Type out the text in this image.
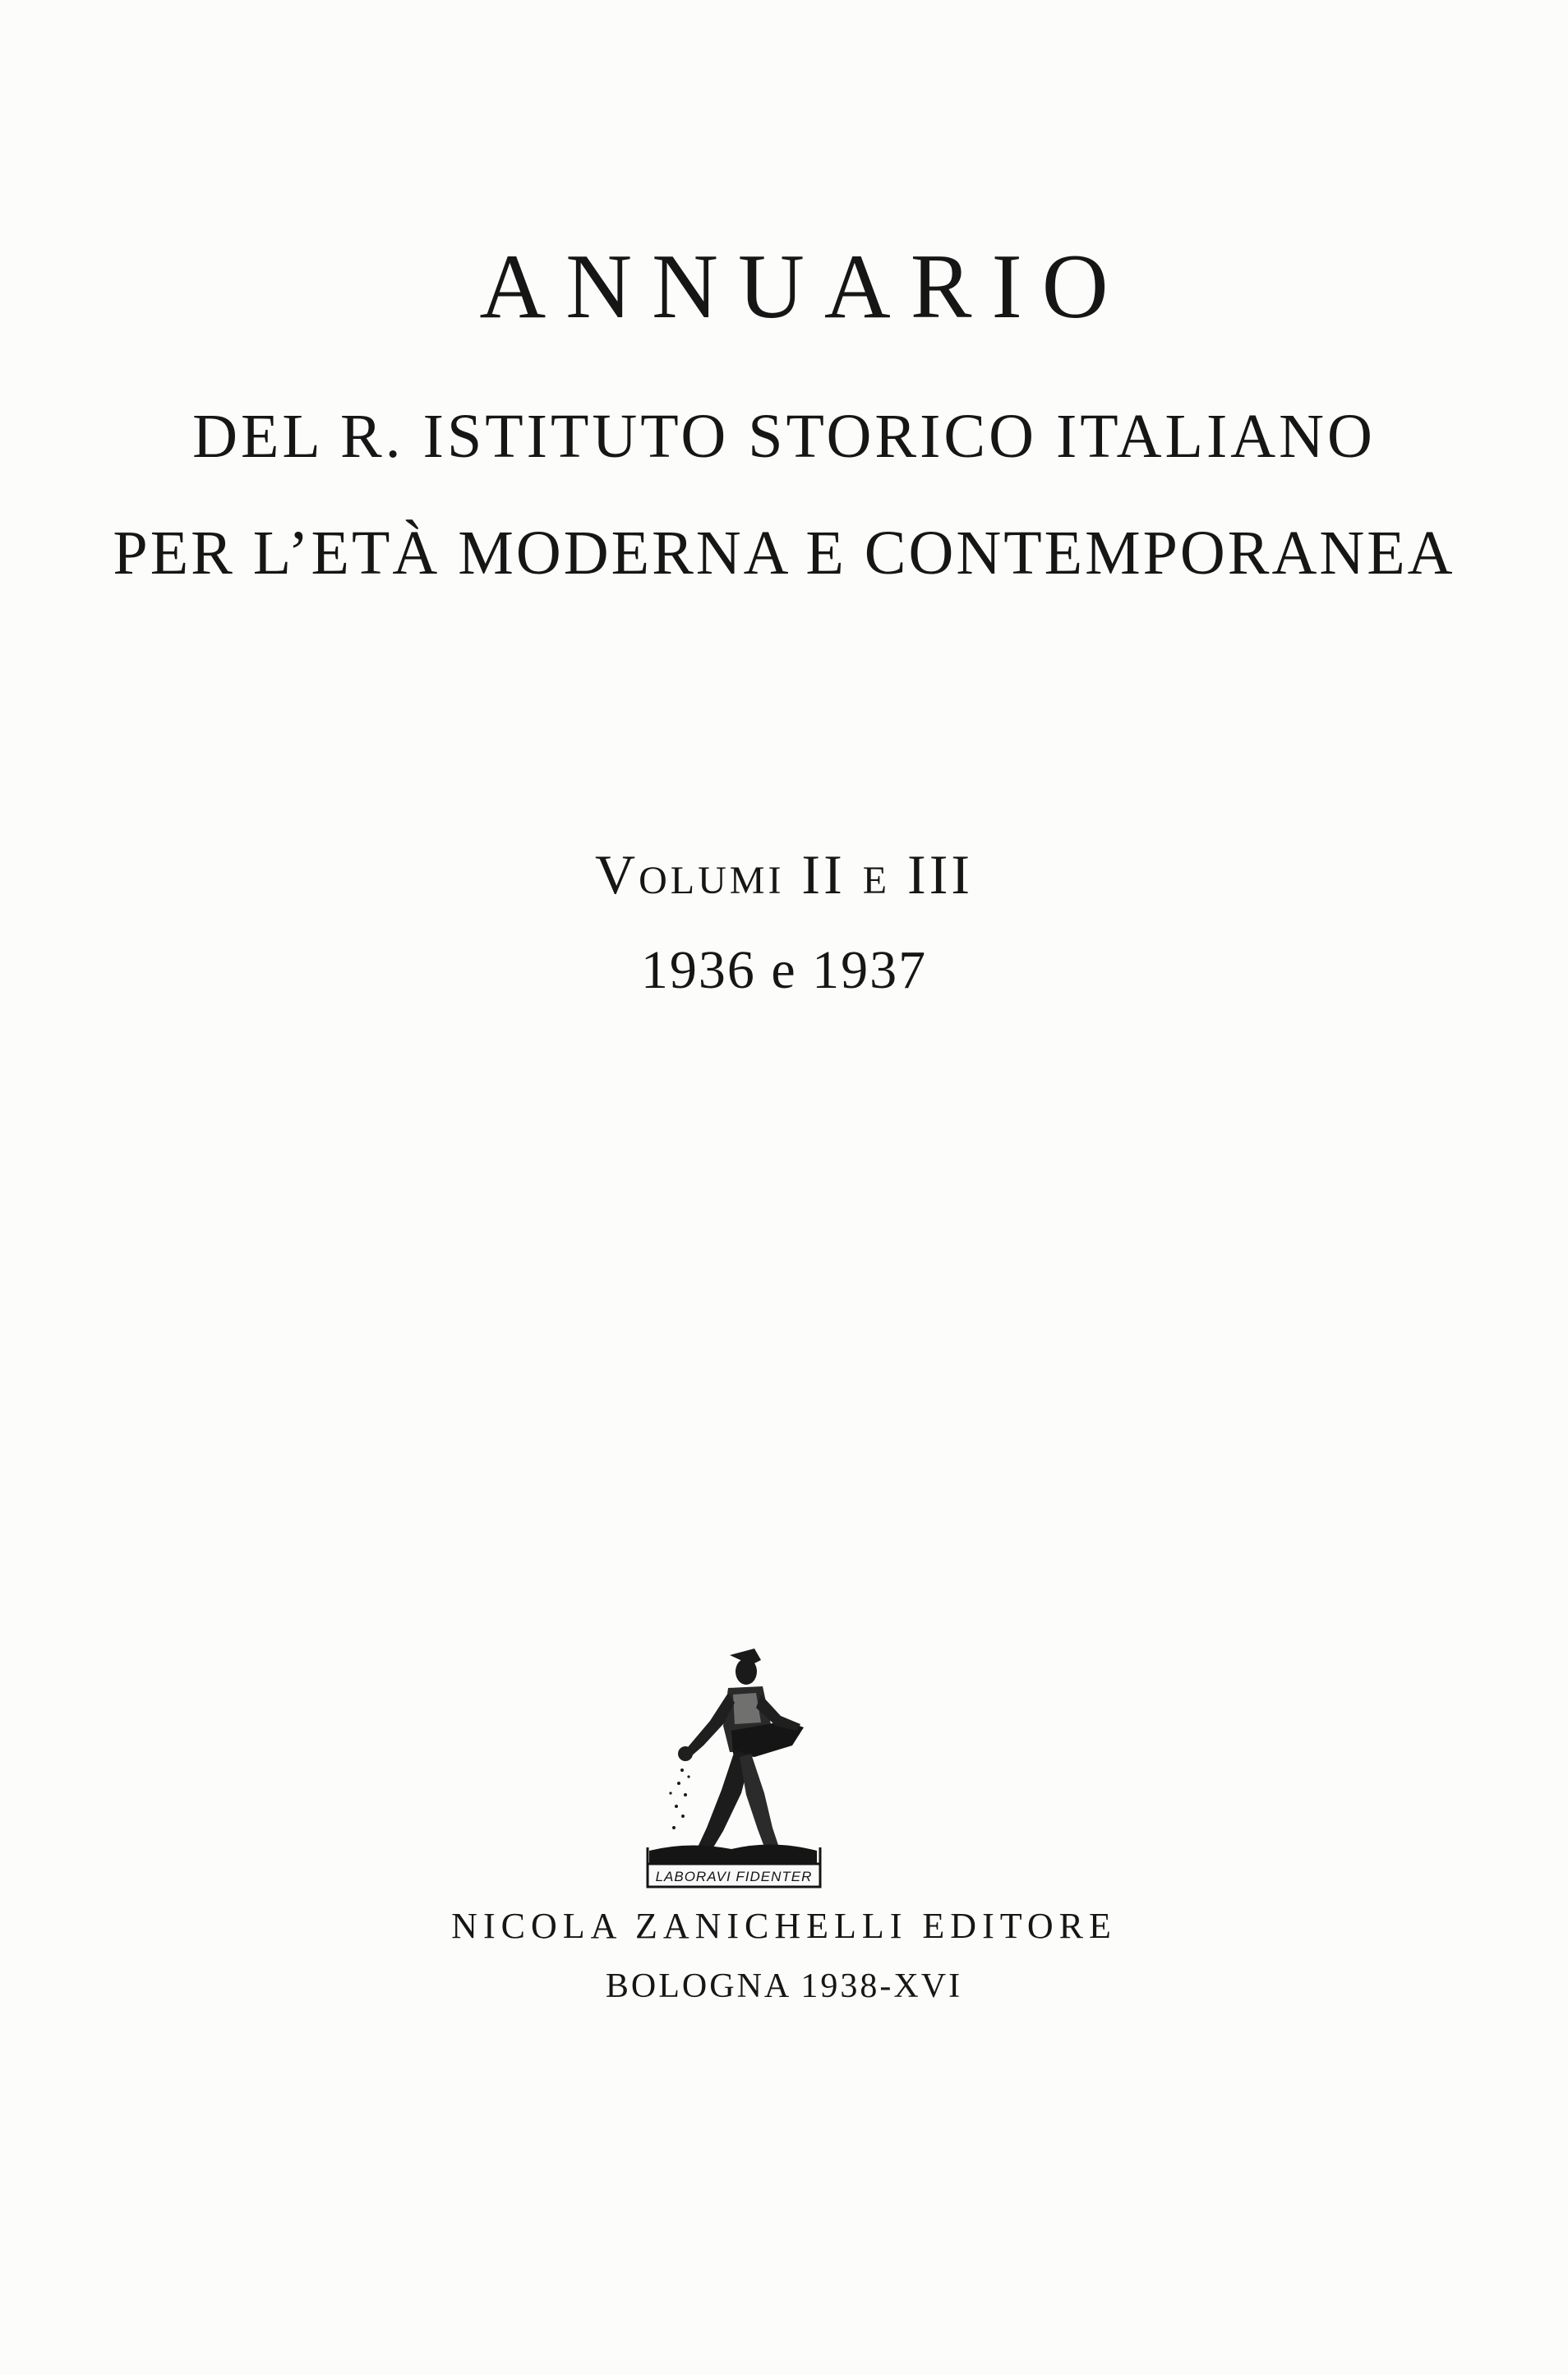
ANNUARIO
DEL R. ISTITUTO STORICO ITALIANO
PER L’ETÀ MODERNA E CONTEMPORANEA
Volumi II e III
1936 e 1937
LABORAVI FIDENTER
NICOLA ZANICHELLI EDITORE
BOLOGNA 1938-XVI
